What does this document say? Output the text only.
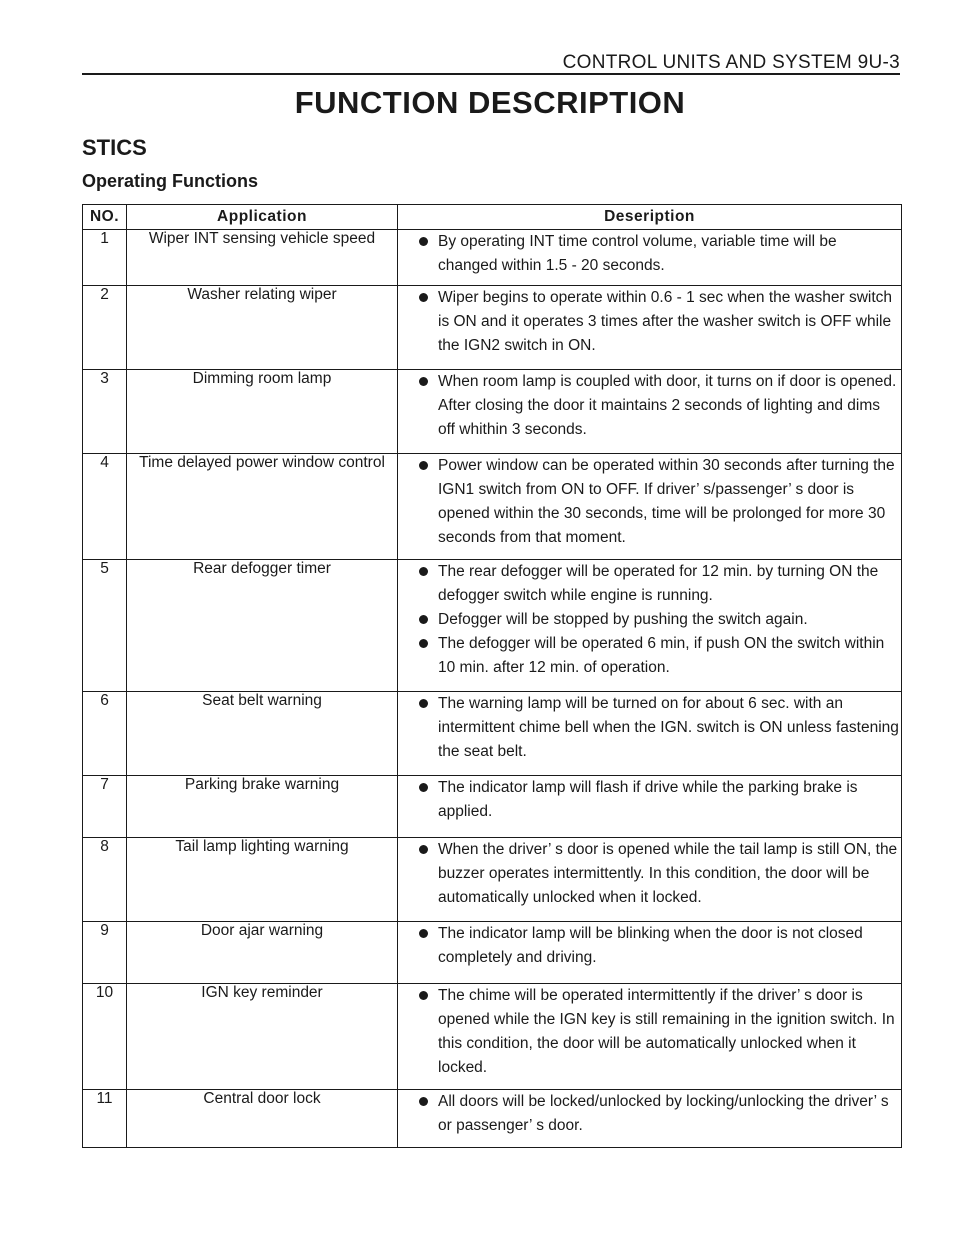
CONTROL UNITS AND SYSTEM 9U-3
FUNCTION DESCRIPTION
STICS
Operating Functions
NO.	Application	Deseription
1	Wiper INT sensing vehicle speed	By operating INT time control volume, variable time will be changed within 1.5 - 20 seconds.

2	Washer relating wiper	Wiper begins to operate within 0.6 - 1 sec when the washer switch is ON and it operates 3 times after the washer switch is OFF while the IGN2 switch in ON.

3	Dimming room lamp	When room lamp is coupled with door, it turns on if door is opened. After closing the door it maintains 2 seconds of lighting and dims off whithin 3 seconds.

4	Time delayed power window control	Power window can be operated within 30 seconds after turning the IGN1 switch from ON to OFF. If driver’ s/passenger’ s door is opened within the 30 seconds, time will be prolonged for more 30 seconds from that moment.

5	Rear defogger timer	The rear defogger will be operated for 12 min. by turning ON the defogger switch while engine is running.
Defogger will be stopped by pushing the switch again.
The defogger will be operated 6 min, if push ON the switch within 10 min. after 12 min. of operation.

6	Seat belt warning	The warning lamp will be turned on for about 6 sec. with an intermittent chime bell when the IGN. switch is ON unless fastening the seat belt.

7	Parking brake warning	The indicator lamp will flash if drive while the parking brake is applied.

8	Tail lamp lighting warning	When the driver’ s door is opened while the tail lamp is still ON, the buzzer operates intermittently. In this condition, the door will be automatically unlocked when it locked.

9	Door ajar warning	The indicator lamp will be blinking when the door is not closed completely and driving.

10	IGN key reminder	The chime will be operated intermittently if the driver’ s door is opened while the IGN key is still remaining in the ignition switch. In this condition, the door will be automatically unlocked when it locked.

11	Central door lock	All doors will be locked/unlocked by locking/unlocking the driver’ s or passenger’ s door.
